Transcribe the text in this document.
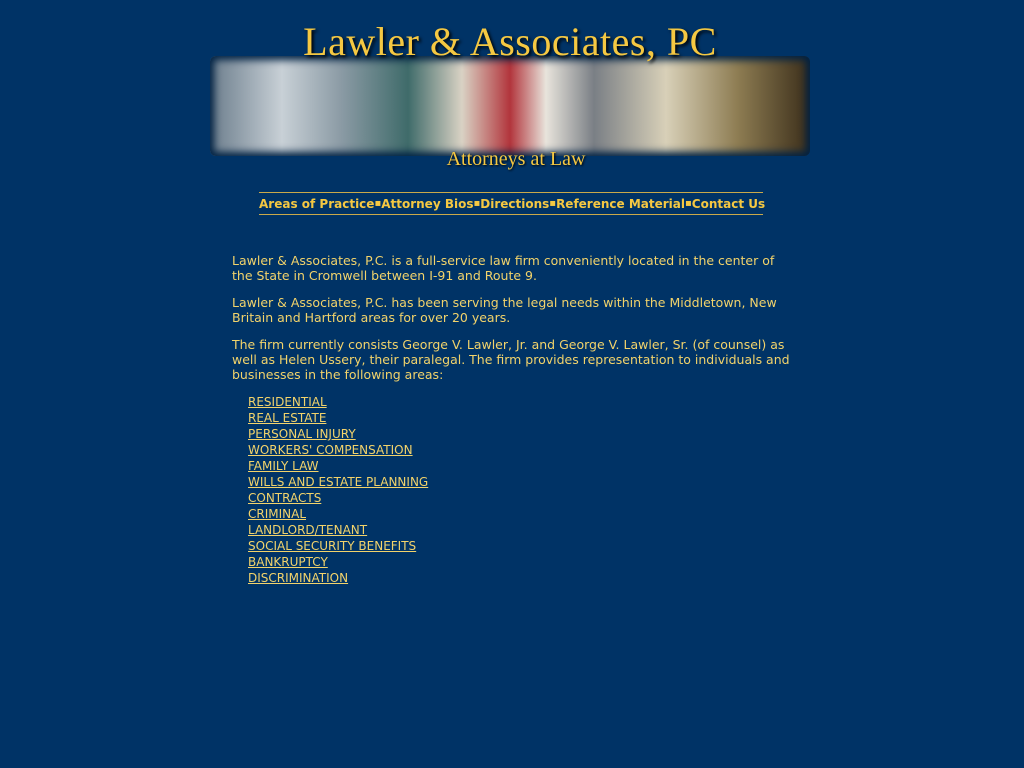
Lawler & Associates, PC
Attorneys at Law
Areas of Practice ▪ Attorney Bios ▪ Directions ▪ Reference Material ▪ Contact Us

Lawler & Associates, P.C. is a full-service law firm conveniently located in the center of the State in Cromwell between I-91 and Route 9.

Lawler & Associates, P.C. has been serving the legal needs within the Middletown, New Britain and Hartford areas for over 20 years.

The firm currently consists George V. Lawler, Jr. and George V. Lawler, Sr. (of counsel) as well as Helen Ussery, their paralegal. The firm provides representation to individuals and businesses in the following areas:

RESIDENTIAL
REAL ESTATE
PERSONAL INJURY
WORKERS' COMPENSATION
FAMILY LAW
WILLS AND ESTATE PLANNING
CONTRACTS
CRIMINAL
LANDLORD/TENANT
SOCIAL SECURITY BENEFITS
BANKRUPTCY
DISCRIMINATION
